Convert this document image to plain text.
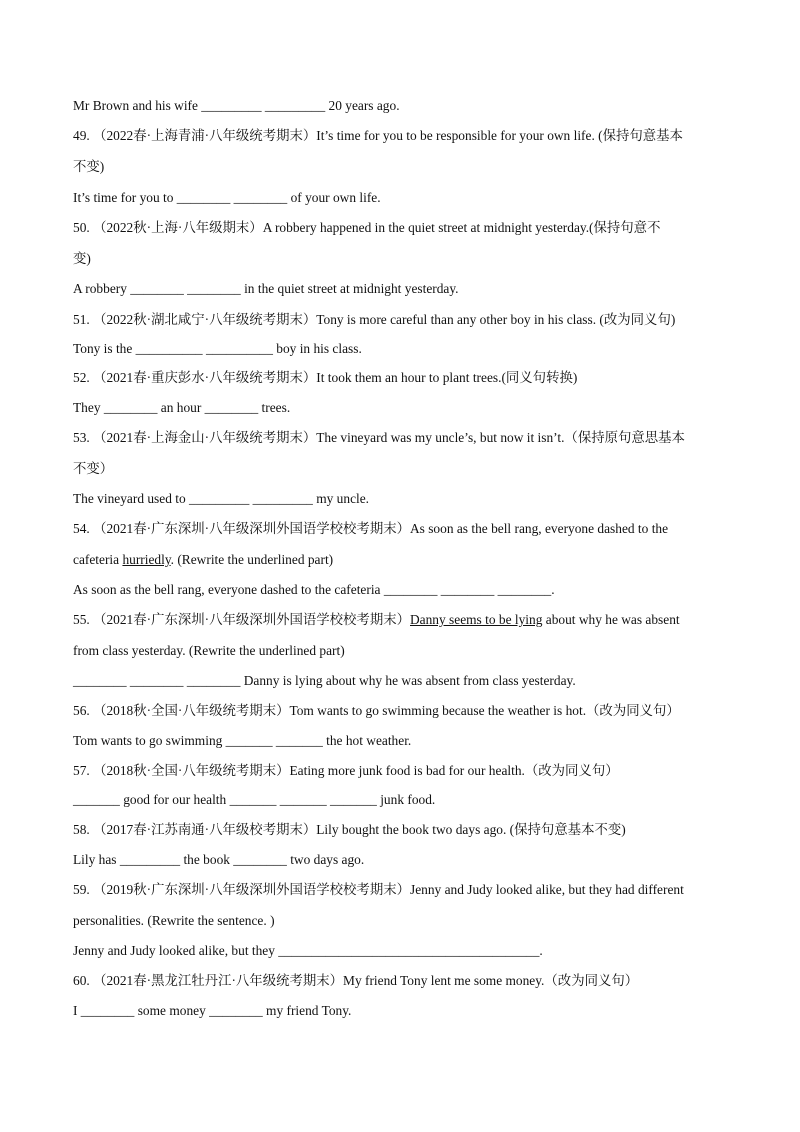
Mr Brown and his wife _________ _________ 20 years ago.
49. （2022春·上海青浦·八年级统考期末）It’s time for you to be responsible for your own life. (保持句意基本
不变)
It’s time for you to ________ ________ of your own life.
50. （2022秋·上海·八年级期末）A robbery happened in the quiet street at midnight yesterday.(保持句意不
变)
A robbery ________ ________ in the quiet street at midnight yesterday.
51. （2022秋·湖北咸宁·八年级统考期末）Tony is more careful than any other boy in his class. (改为同义句)
Tony is the __________ __________ boy in his class.
52. （2021春·重庆彭水·八年级统考期末）It took them an hour to plant trees.(同义句转换)
They ________ an hour ________ trees.
53. （2021春·上海金山·八年级统考期末）The vineyard was my uncle’s, but now it isn’t.（保持原句意思基本
不变）
The vineyard used to _________ _________ my uncle.
54. （2021春·广东深圳·八年级深圳外国语学校校考期末）As soon as the bell rang, everyone dashed to the
cafeteria hurriedly. (Rewrite the underlined part)
As soon as the bell rang, everyone dashed to the cafeteria ________ ________ ________.
55. （2021春·广东深圳·八年级深圳外国语学校校考期末）Danny seems to be lying about why he was absent
from class yesterday. (Rewrite the underlined part)
________ ________ ________ Danny is lying about why he was absent from class yesterday.
56. （2018秋·全国·八年级统考期末）Tom wants to go swimming because the weather is hot.（改为同义句）
Tom wants to go swimming _______ _______ the hot weather.
57. （2018秋·全国·八年级统考期末）Eating more junk food is bad for our health.（改为同义句）
_______ good for our health _______ _______ _______ junk food.
58. （2017春·江苏南通·八年级校考期末）Lily bought the book two days ago. (保持句意基本不变)
Lily has _________ the book ________ two days ago.
59. （2019秋·广东深圳·八年级深圳外国语学校校考期末）Jenny and Judy looked alike, but they had different
personalities. (Rewrite the sentence. )
Jenny and Judy looked alike, but they _______________________________________.
60. （2021春·黑龙江牡丹江·八年级统考期末）My friend Tony lent me some money.（改为同义句）
I ________ some money ________ my friend Tony.
